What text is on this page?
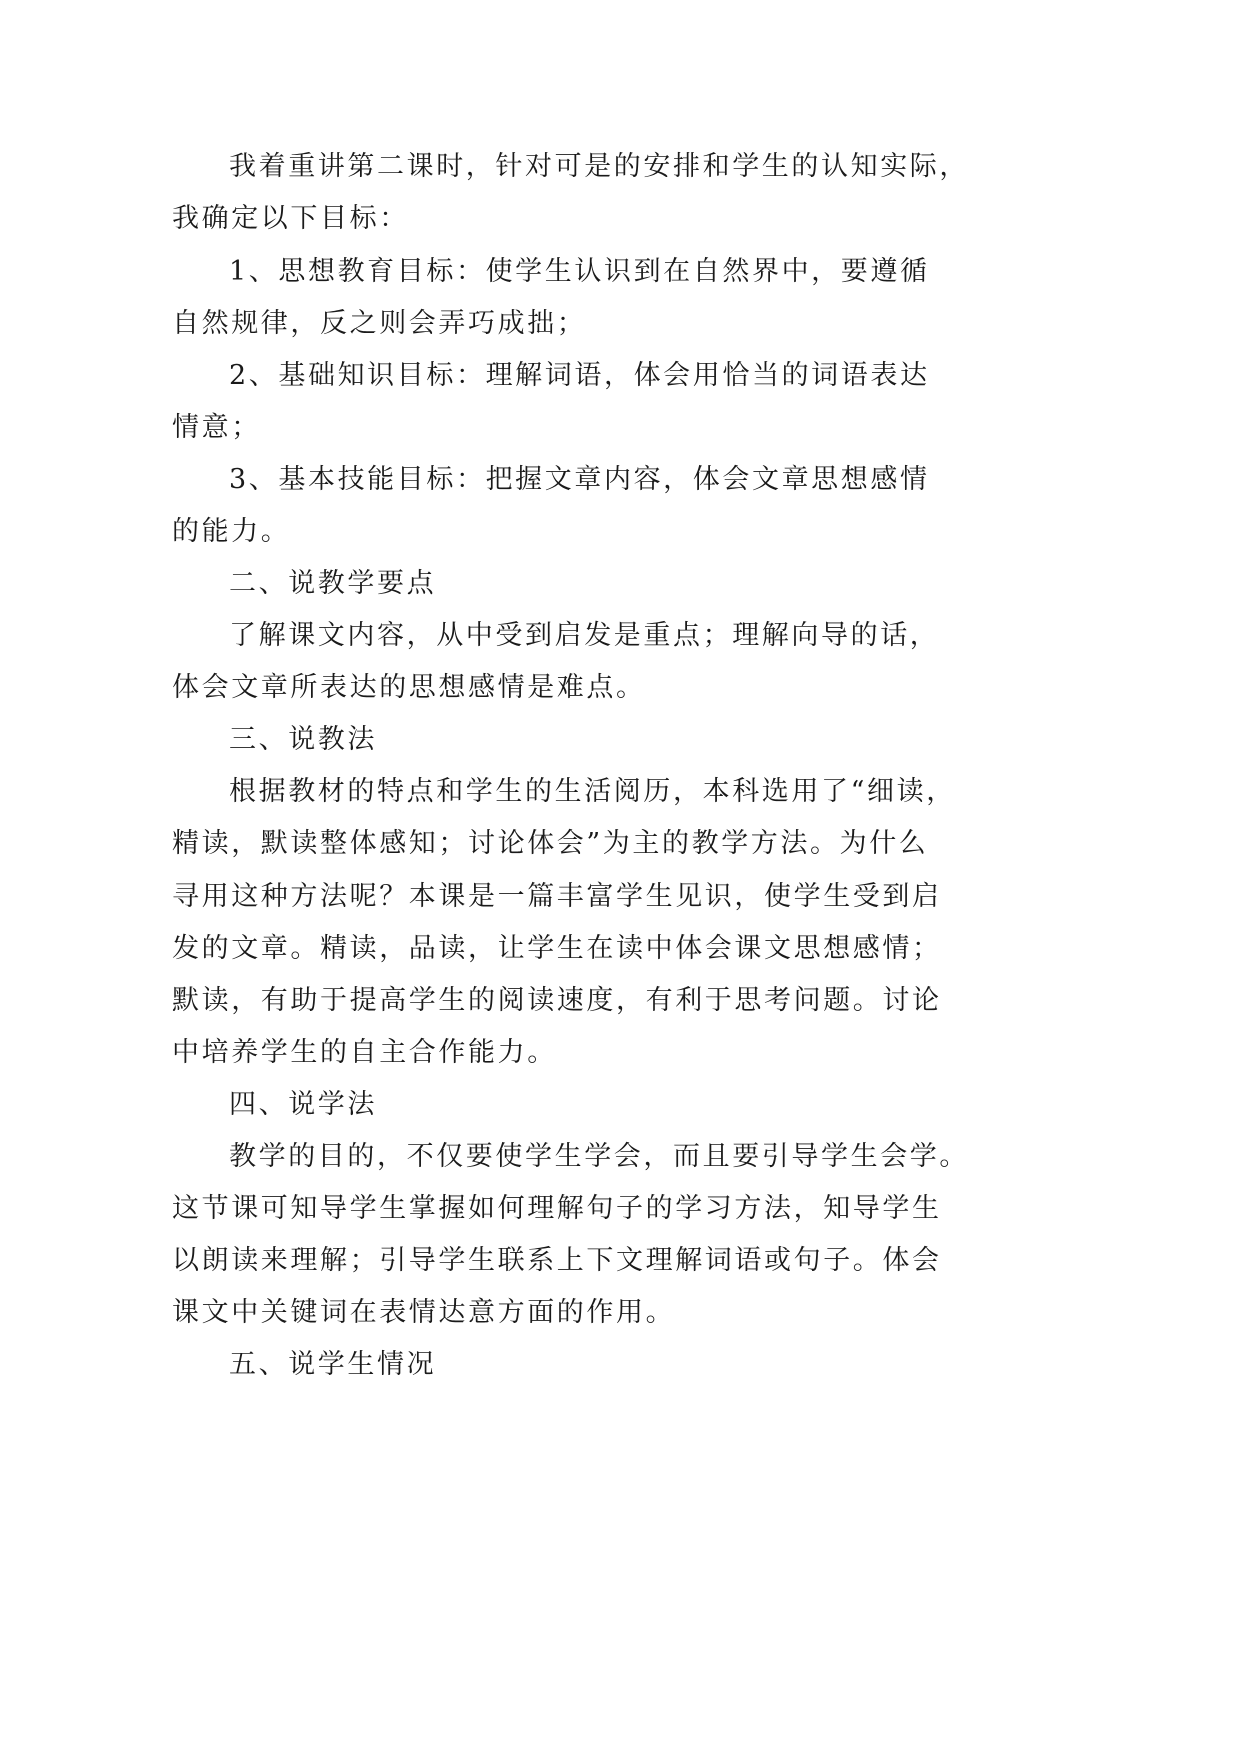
我着重讲第二课时，针对可是的安排和学生的认知实际，
我确定以下目标：
1、思想教育目标：使学生认识到在自然界中，要遵循
自然规律，反之则会弄巧成拙；
2、基础知识目标：理解词语，体会用恰当的词语表达
情意；
3、基本技能目标：把握文章内容，体会文章思想感情
的能力。
二、说教学要点
了解课文内容，从中受到启发是重点；理解向导的话，
体会文章所表达的思想感情是难点。
三、说教法
根据教材的特点和学生的生活阅历，本科选用了“细读，
精读，默读整体感知；讨论体会”为主的教学方法。为什么
寻用这种方法呢？本课是一篇丰富学生见识，使学生受到启
发的文章。精读，品读，让学生在读中体会课文思想感情；
默读，有助于提高学生的阅读速度，有利于思考问题。讨论
中培养学生的自主合作能力。
四、说学法
教学的目的，不仅要使学生学会，而且要引导学生会学。
这节课可知导学生掌握如何理解句子的学习方法，知导学生
以朗读来理解；引导学生联系上下文理解词语或句子。体会
课文中关键词在表情达意方面的作用。
五、说学生情况
